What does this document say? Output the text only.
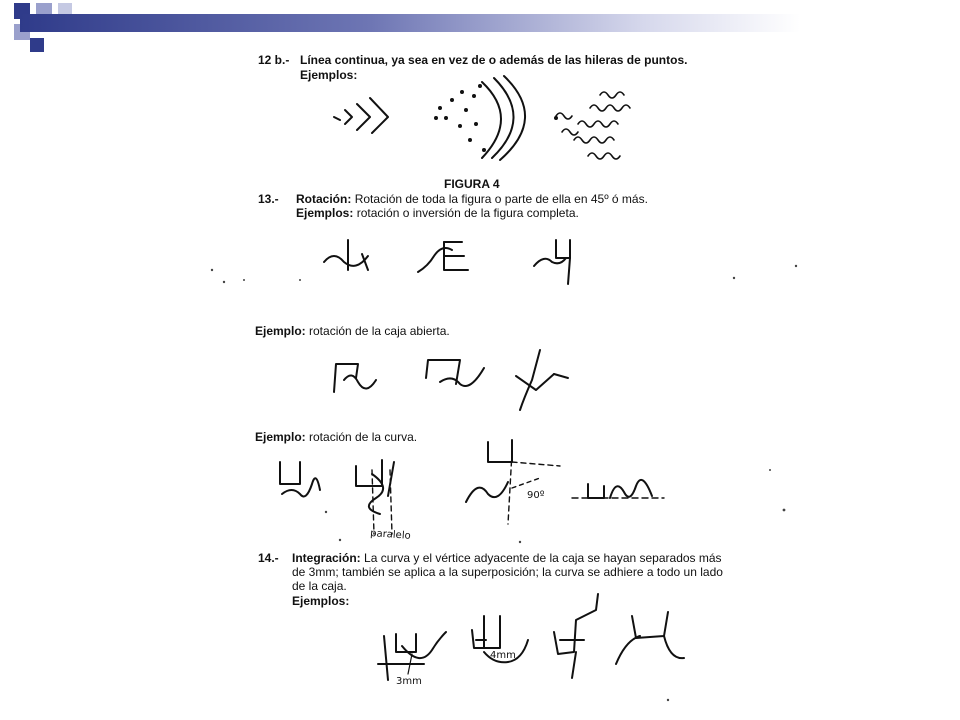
12 b.- Línea continua, ya sea en vez de o además de las hileras de puntos.
Ejemplos:
FIGURA 4
13.- Rotación: Rotación de toda la figura o parte de ella en 45º ó más.
Ejemplos: rotación o inversión de la figura completa.
Ejemplo: rotación de la caja abierta.
Ejemplo: rotación de la curva.
14.- Integración: La curva y el vértice adyacente de la caja se hayan separados más
de 3mm; también se aplica a la superposición; la curva se adhiere a todo un lado
de la caja.
Ejemplos:
paralelo
90º
4mm
3mm
